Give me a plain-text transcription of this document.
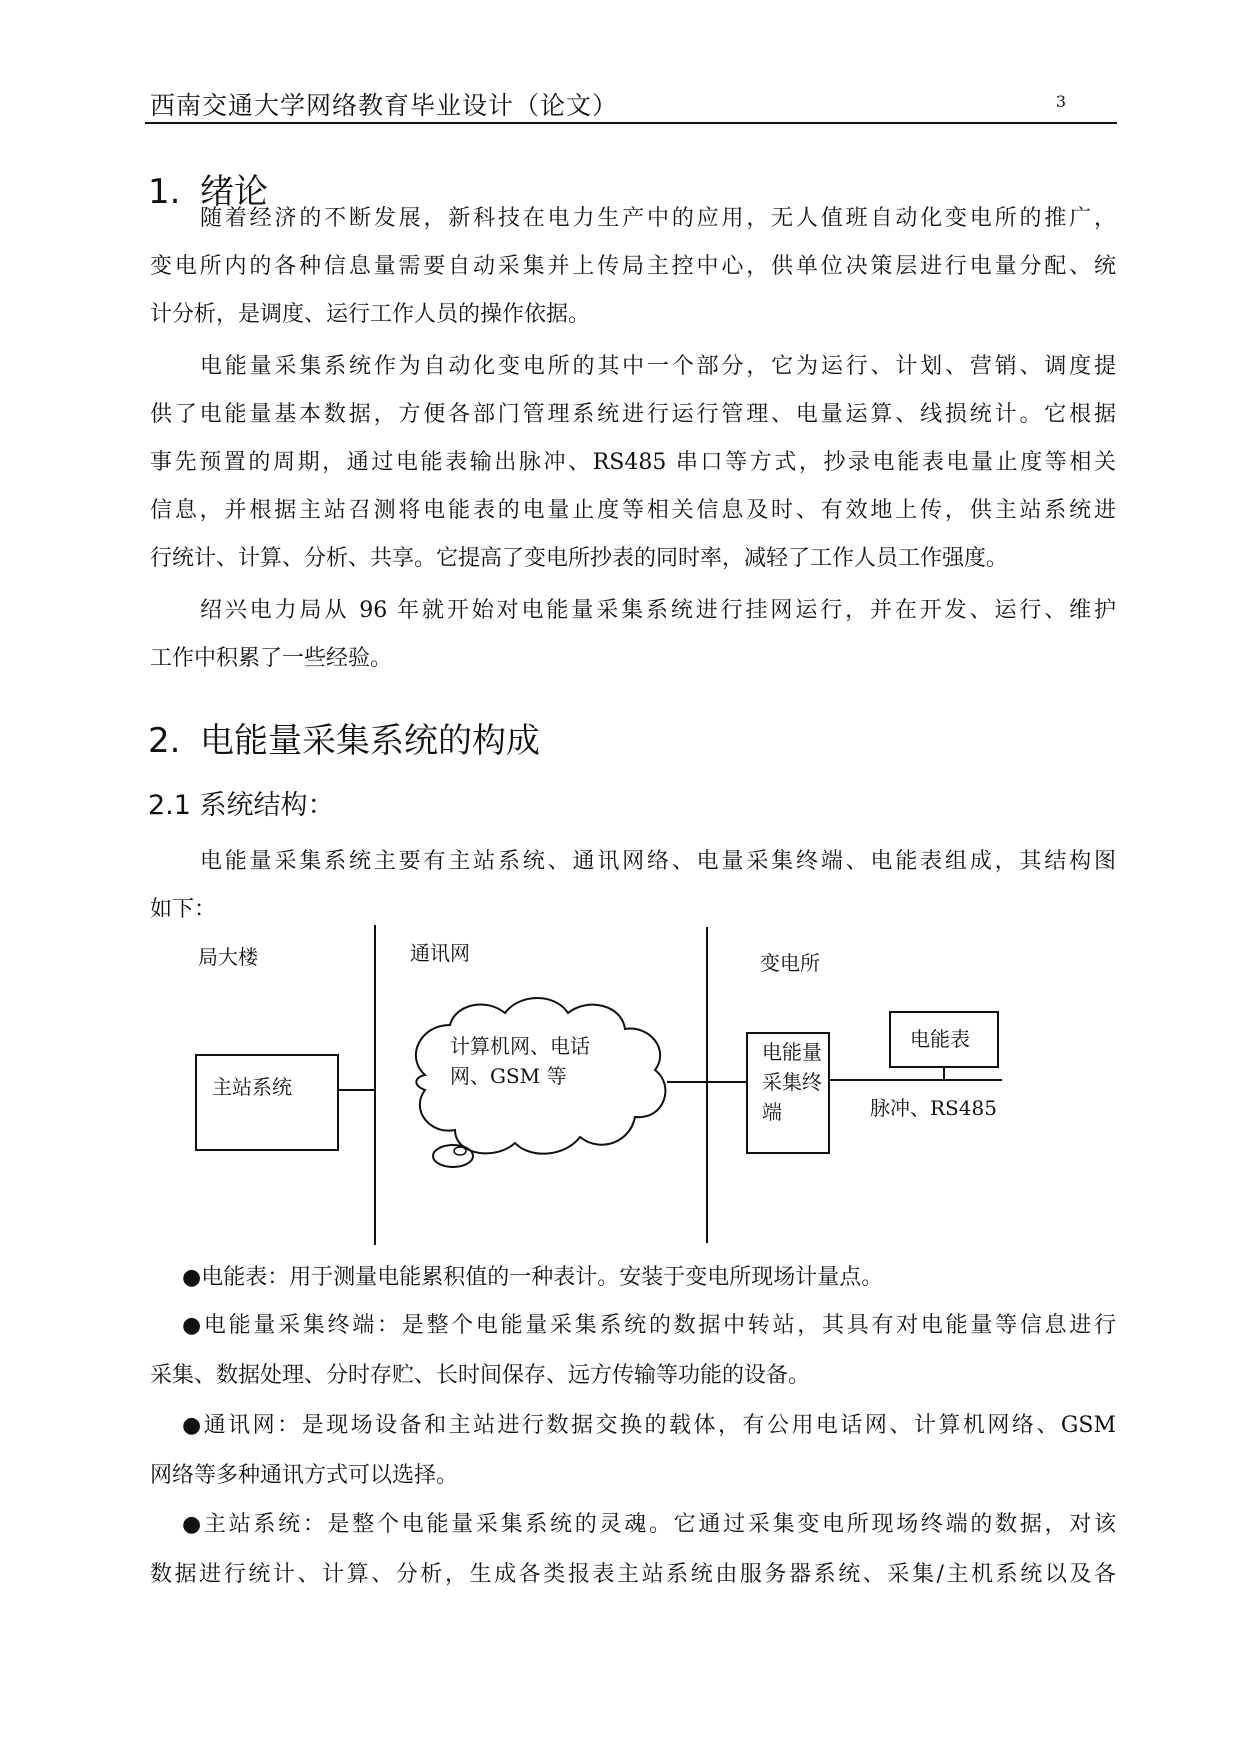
西南交通大学网络教育毕业设计（论文）	3
1. 绪论
随着经济的不断发展，新科技在电力生产中的应用，无人值班自动化变电所的推广，
变电所内的各种信息量需要自动采集并上传局主控中心，供单位决策层进行电量分配、统
计分析，是调度、运行工作人员的操作依据。
电能量采集系统作为自动化变电所的其中一个部分，它为运行、计划、营销、调度提
供了电能量基本数据，方便各部门管理系统进行运行管理、电量运算、线损统计。它根据
事先预置的周期，通过电能表输出脉冲、RS485 串口等方式，抄录电能表电量止度等相关
信息，并根据主站召测将电能表的电量止度等相关信息及时、有效地上传，供主站系统进
行统计、计算、分析、共享。它提高了变电所抄表的同时率，减轻了工作人员工作强度。
绍兴电力局从 96 年就开始对电能量采集系统进行挂网运行，并在开发、运行、维护
工作中积累了一些经验。
2. 电能量采集系统的构成
2.1 系统结构：
电能量采集系统主要有主站系统、通讯网络、电量采集终端、电能表组成，其结构图
如下：
局大楼	通讯网	变电所
主站系统
计算机网、电话
网、GSM 等
电能量
采集终
端
电能表
脉冲、RS485
●电能表：用于测量电能累积值的一种表计。安装于变电所现场计量点。
●电能量采集终端：是整个电能量采集系统的数据中转站，其具有对电能量等信息进行
采集、数据处理、分时存贮、长时间保存、远方传输等功能的设备。
●通讯网：是现场设备和主站进行数据交换的载体，有公用电话网、计算机网络、GSM
网络等多种通讯方式可以选择。
●主站系统：是整个电能量采集系统的灵魂。它通过采集变电所现场终端的数据，对该
数据进行统计、计算、分析，生成各类报表主站系统由服务器系统、采集/主机系统以及各
